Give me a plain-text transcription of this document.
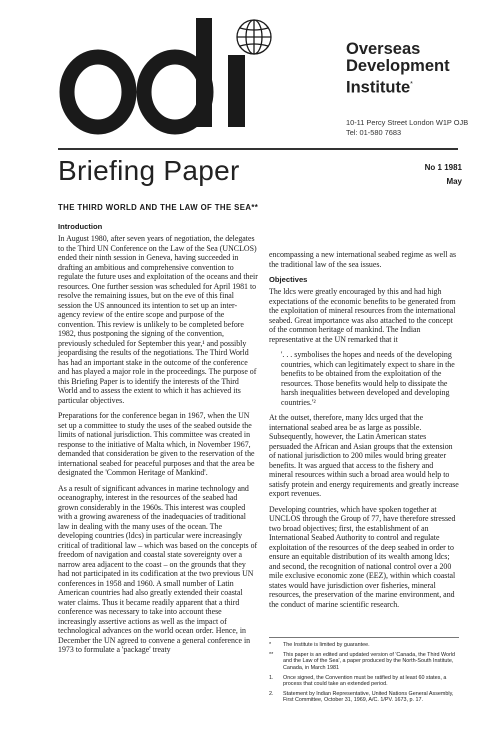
Overseas
Development
Institute*
10-11 Percy Street London W1P OJB
Tel: 01-580 7683
Briefing Paper	No 1 1981
May
THE THIRD WORLD AND THE LAW OF THE SEA**
Introduction

In August 1980, after seven years of negotiation, the delegates to the Third UN Conference on the Law of the Sea (UNCLOS) ended their ninth session in Geneva, having succeeded in drafting an ambitious and comprehensive convention to regulate the future uses and exploitation of the oceans and their resources. One further session was scheduled for April 1981 to resolve the remaining issues, but on the eve of this final session the US announced its intention to set up an inter-agency review of the entire scope and purpose of the convention. This review is unlikely to be completed before 1982, thus postponing the signing of the convention, previously scheduled for September this year,¹ and possibly jeopardising the results of the negotiations. The Third World has had an important stake in the outcome of the conference and has played a major role in the proceedings. The purpose of this Briefing Paper is to identify the interests of the Third World and to assess the extent to which it has achieved its particular objectives.

Preparations for the conference began in 1967, when the UN set up a committee to study the uses of the seabed outside the limits of national jurisdiction. This committee was created in response to the initiative of Malta which, in November 1967, demanded that consideration be given to the reservation of the international seabed for peaceful purposes and that the area be designated the 'Common Heritage of Mankind'.

As a result of significant advances in marine technology and oceanography, interest in the resources of the seabed had grown considerably in the 1960s. This interest was coupled with a growing awareness of the inadequacies of traditional law in dealing with the many uses of the ocean. The developing countries (ldcs) in particular were increasingly critical of traditional law – which was based on the concepts of freedom of navigation and coastal state sovereignty over a narrow area adjacent to the coast – on the grounds that they had not participated in its codification at the two previous UN conferences in 1958 and 1960. A small number of Latin American countries had also greatly extended their coastal water claims. Thus it became readily apparent that a third conference was necessary to take into account these increasingly assertive actions as well as the impact of technological advances on the world ocean order. Hence, in December the UN agreed to convene a general conference in 1973 to formulate a 'package' treaty

encompassing a new international seabed regime as well as the traditional law of the sea issues.

Objectives

The ldcs were greatly encouraged by this and had high expectations of the economic benefits to be generated from the exploitation of mineral resources from the international seabed. Great importance was also attached to the concept of the common heritage of mankind. The Indian representative at the UN remarked that it

'. . . symbolises the hopes and needs of the developing countries, which can legitimately expect to share in the benefits to be obtained from the exploitation of the resources. Those benefits would help to dissipate the harsh inequalities between developed and developing countries.'²

At the outset, therefore, many ldcs urged that the international seabed area be as large as possible. Subsequently, however, the Latin American states persuaded the African and Asian groups that the extension of national jurisdiction to 200 miles would bring greater benefits. It was argued that access to the fishery and mineral resources within such a broad area would help to satisfy protein and energy requirements and greatly increase export revenues.

Developing countries, which have spoken together at UNCLOS through the Group of 77, have therefore stressed two broad objectives; first, the establishment of an International Seabed Authority to control and regulate exploitation of the resources of the deep seabed in order to ensure an equitable distribution of its wealth among ldcs; and second, the recognition of national control over a 200 mile exclusive economic zone (EEZ), within which coastal states would have jurisdiction over fisheries, mineral resources, the preservation of the marine environment, and the conduct of marine scientific research.

* The Institute is limited by guarantee.
** This paper is an edited and updated version of 'Canada, the Third World and the Law of the Sea', a paper produced by the North-South Institute, Canada, in March 1981
1. Once signed, the Convention must be ratified by at least 60 states, a process that could take an extended period.
2. Statement by Indian Representative, United Nations General Assembly, First Committee, October 31, 1969, A/C. 1/PV. 1673, p. 17.
